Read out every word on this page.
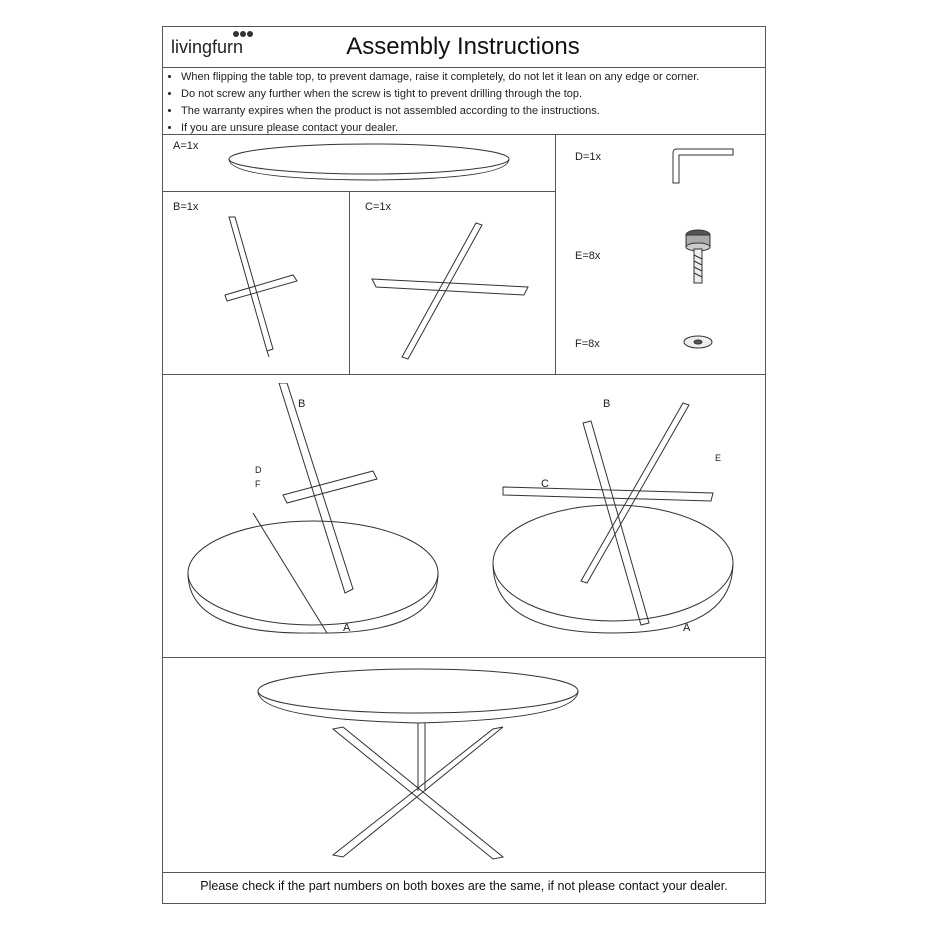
livingfurn	Assembly Instructions
• When flipping the table top, to prevent damage, raise it completely, do not let it lean on any edge or corner.
• Do not screw any further when the screw is tight to prevent drilling through the top.
• The warranty expires when the product is not assembled according to the instructions.
• If you are unsure please contact your dealer.
A=1x
B=1x	C=1x
D=1x
E=8x
F=8x
B
D
F
A
B
C
A
E
Please check if the part numbers on both boxes are the same, if not please contact your dealer.
